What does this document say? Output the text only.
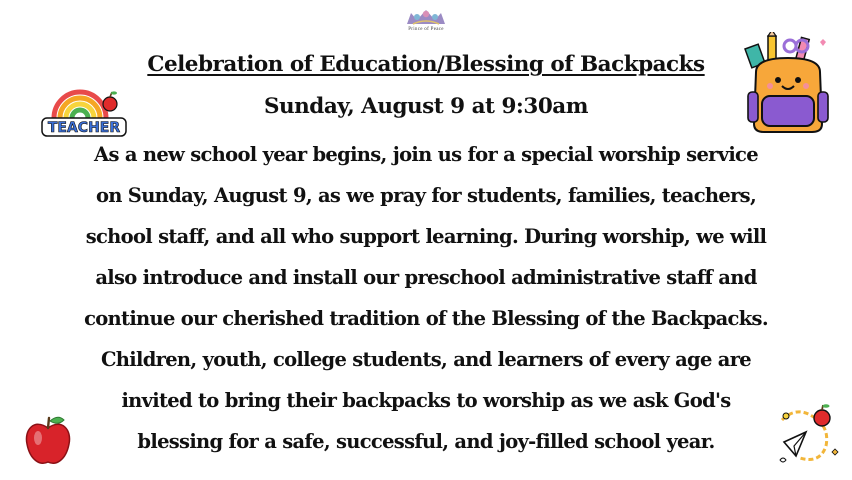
Prince of Peace
Celebration of Education/Blessing of Backpacks
Sunday, August 9 at 9:30am
As a new school year begins, join us for a special worship service
on Sunday, August 9, as we pray for students, families, teachers,
school staff, and all who support learning. During worship, we will
also introduce and install our preschool administrative staff and
continue our cherished tradition of the Blessing of the Backpacks.
Children, youth, college students, and learners of every age are
invited to bring their backpacks to worship as we ask God's
blessing for a safe, successful, and joy-filled school year.
TEACHER
